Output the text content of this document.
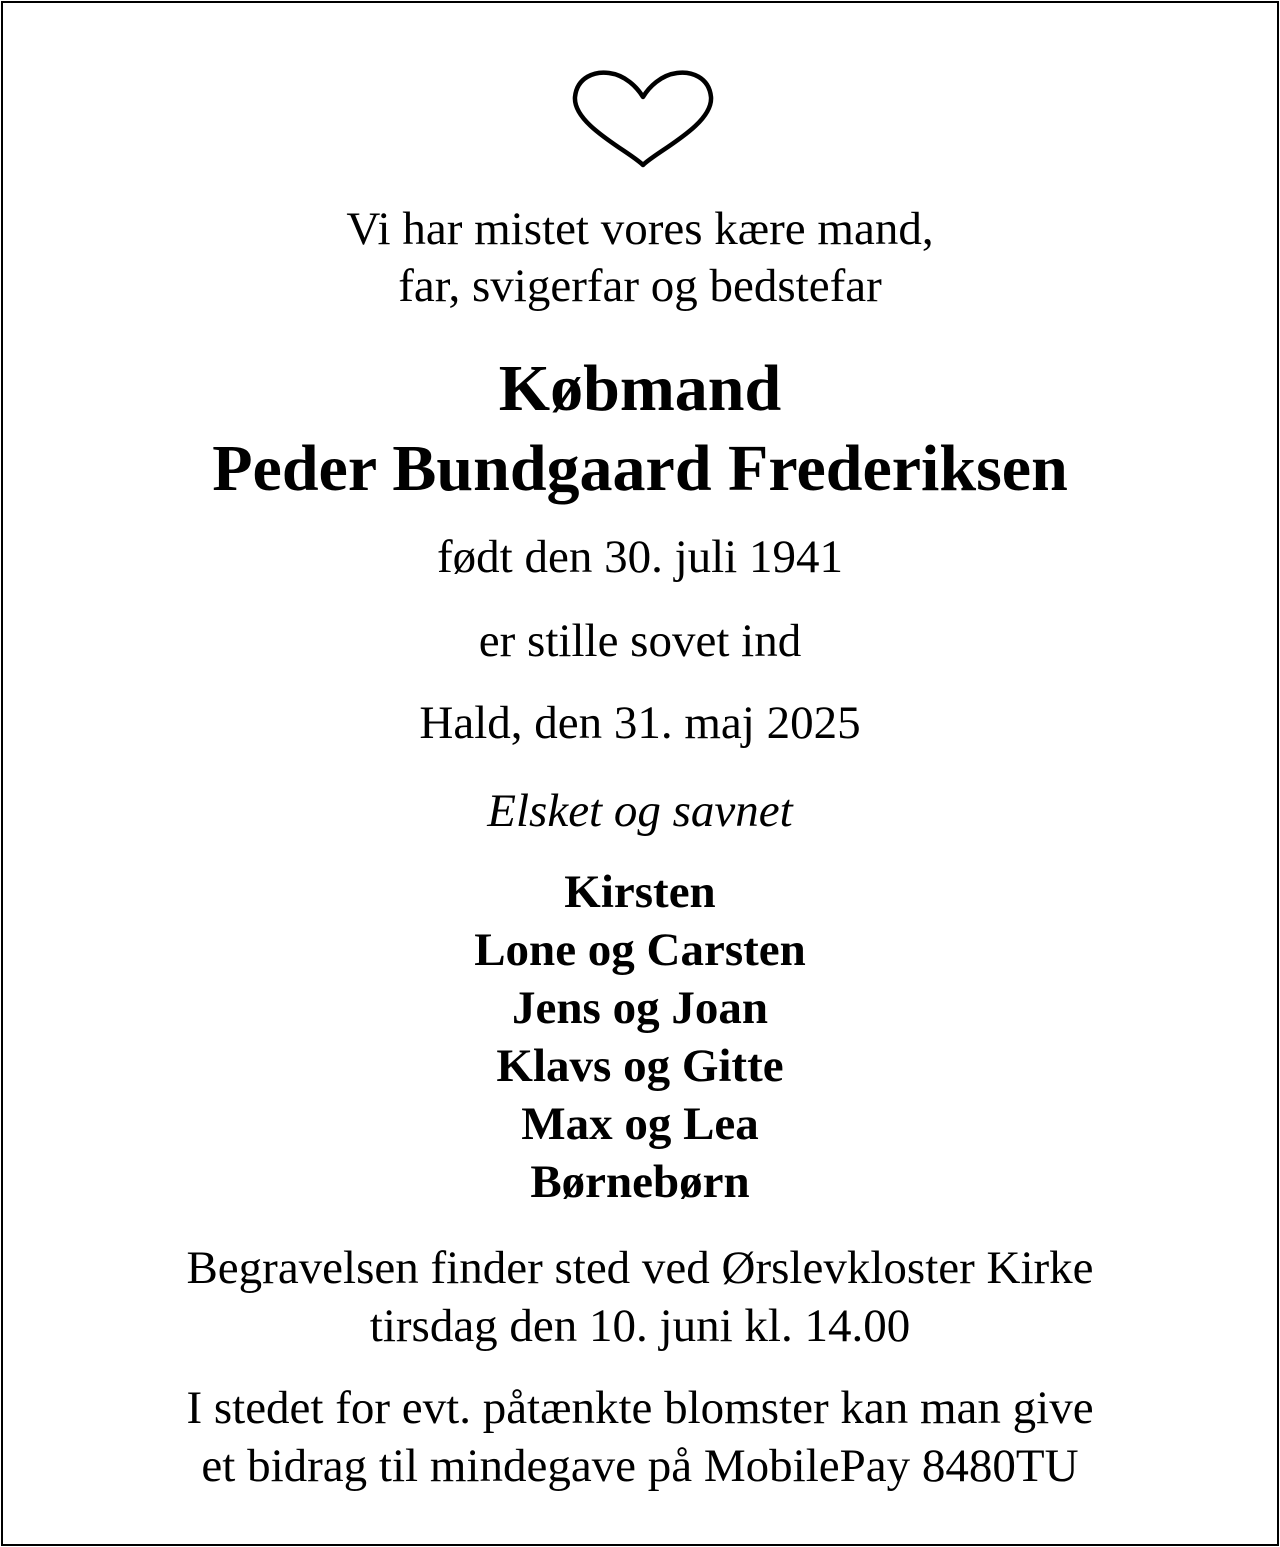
Vi har mistet vores kære mand,
far, svigerfar og bedstefar
Købmand
Peder Bundgaard Frederiksen
født den 30. juli 1941
er stille sovet ind
Hald, den 31. maj 2025
Elsket og savnet
Kirsten
Lone og Carsten
Jens og Joan
Klavs og Gitte
Max og Lea
Børnebørn
Begravelsen finder sted ved Ørslevkloster Kirke
tirsdag den 10. juni kl. 14.00
I stedet for evt. påtænkte blomster kan man give
et bidrag til mindegave på MobilePay 8480TU
